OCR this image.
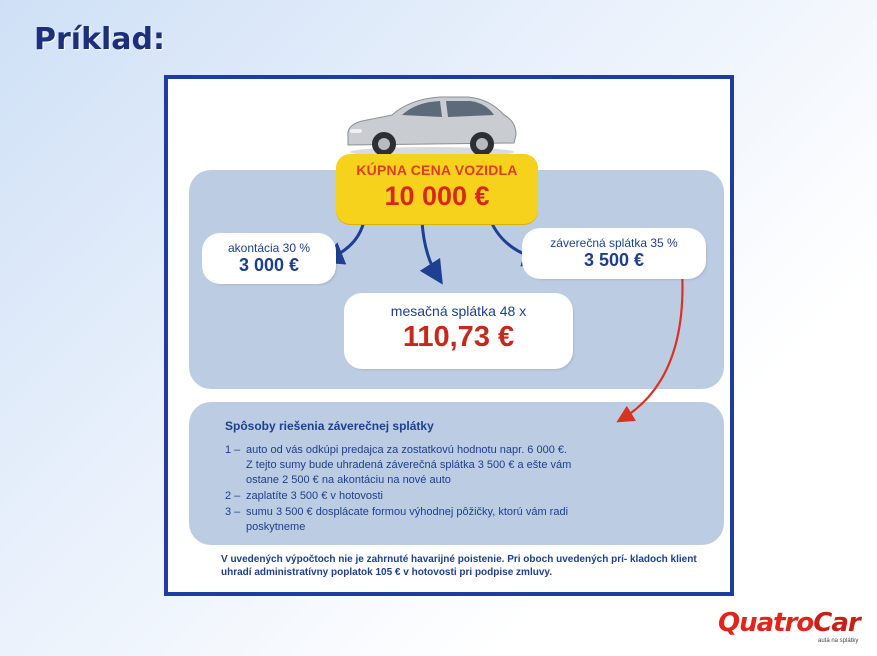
Príklad:
KÚPNA CENA VOZIDLA
10 000 €
akontácia 30 %
3 000 €
záverečná splátka 35 %
3 500 €
mesačná splátka 48 x
110,73 €
Spôsoby riešenia záverečnej splátky
1 – auto od vás odkúpi predajca za zostatkovú hodnotu napr. 6 000 €.
Z tejto sumy bude uhradená záverečná splátka 3 500 € a ešte vám
ostane 2 500 € na akontáciu na nové auto
2 – zaplatíte 3 500 € v hotovosti
3 – sumu 3 500 € dosplácate formou výhodnej pôžičky, ktorú vám radi
poskytneme
V uvedených výpočtoch nie je zahrnuté havarijné poistenie. Pri oboch uvedených prí- kladoch klient uhradí administratívny poplatok 105 € v hotovosti pri podpise zmluvy.
QuatroCar
autá na splátky
